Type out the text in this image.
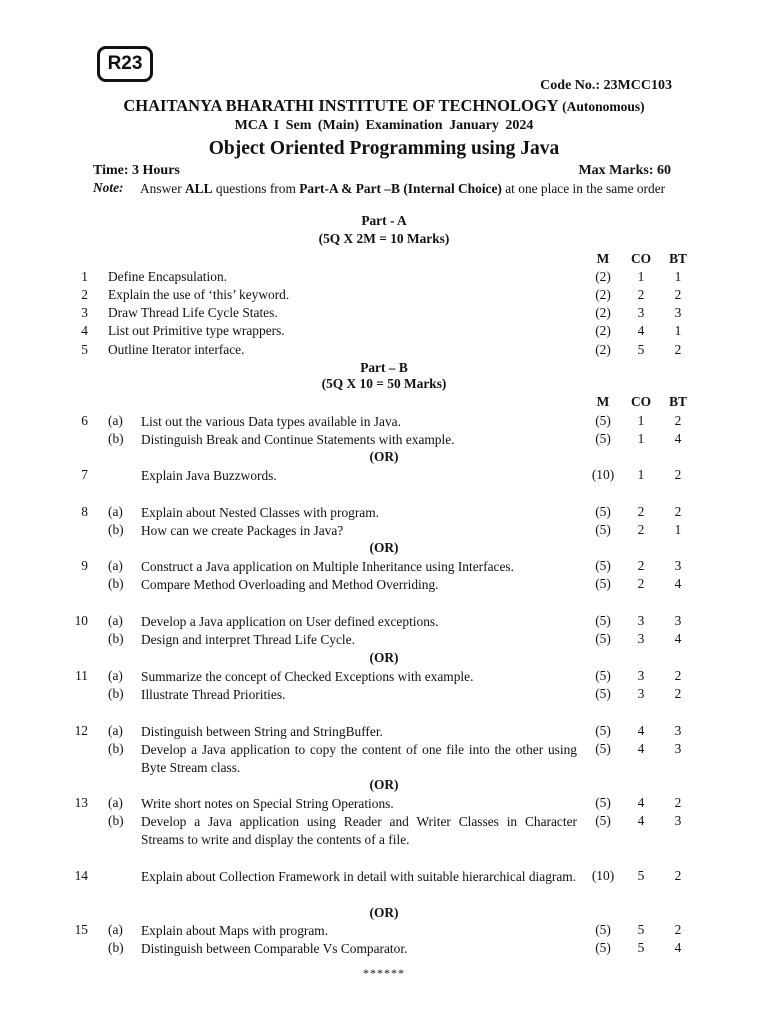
R23
Code No.: 23MCC103
CHAITANYA BHARATHI INSTITUTE OF TECHNOLOGY (Autonomous)
MCA I Sem (Main) Examination January 2024
Object Oriented Programming using Java
Time: 3 Hours	Max Marks: 60
Note: Answer ALL questions from Part-A & Part –B (Internal Choice) at one place in the same order
Part - A
(5Q X 2M = 10 Marks)
M	CO	BT
1 Define Encapsulation.	(2)	1	1
2 Explain the use of ‘this’ keyword.	(2)	2	2
3 Draw Thread Life Cycle States.	(2)	3	3
4 List out Primitive type wrappers.	(2)	4	1
5 Outline Iterator interface.	(2)	5	2
Part – B
(5Q X 10 = 50 Marks)
M	CO	BT
6 (a) List out the various Data types available in Java.	(5)	1	2
(b) Distinguish Break and Continue Statements with example.	(5)	1	4
7	Explain Java Buzzwords.	(10)	1	2
8 (a) Explain about Nested Classes with program.	(5)	2	2
(b) How can we create Packages in Java?	(5)	2	1
9 (a) Construct a Java application on Multiple Inheritance using Interfaces.	(5)	2	3
(b) Compare Method Overloading and Method Overriding.	(5)	2	4
10 (a) Develop a Java application on User defined exceptions.	(5)	3	3
(b) Design and interpret Thread Life Cycle.	(5)	3	4
11 (a) Summarize the concept of Checked Exceptions with example.	(5)	3	2
(b) Illustrate Thread Priorities.	(5)	3	2
12 (a) Distinguish between String and StringBuffer.	(5)	4	3
(b) Develop a Java application to copy the content of one file into the other using Byte Stream class.
(5)	4	3
13 (a) Write short notes on Special String Operations.	(5)	4	2
(b) Develop a Java application using Reader and Writer Classes in Character Streams to write and display the contents of a file.
(5)	4	3
14	Explain about Collection Framework in detail with suitable hierarchical diagram.	(10)	5	2
15 (a) Explain about Maps with program.	(5)	5	2
(b) Distinguish between Comparable Vs Comparator.	(5)	5	4
(OR)
(OR)
(OR)
(OR)
(OR)
******
